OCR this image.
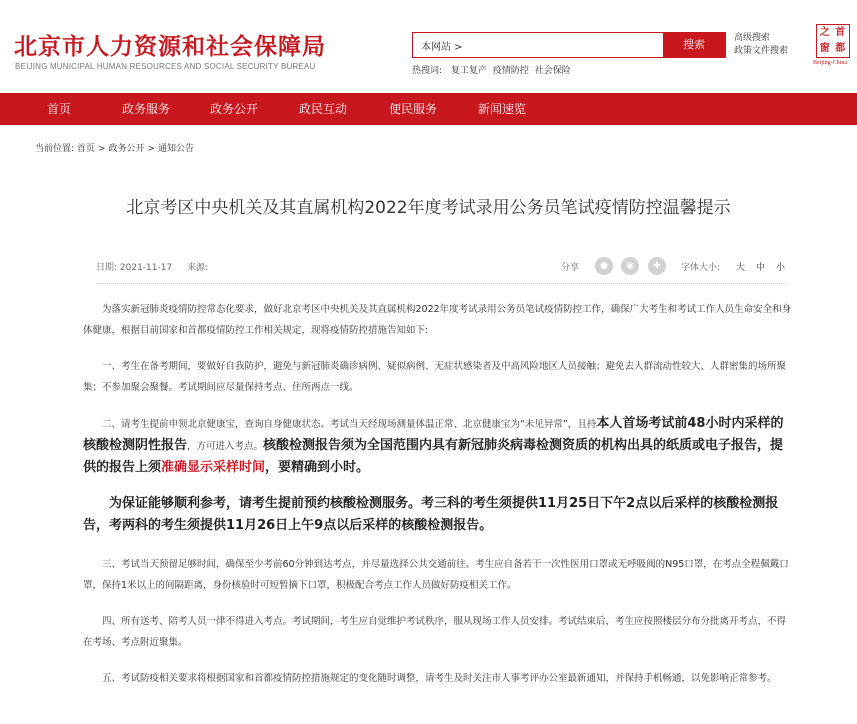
北京市人力资源和社会保障局
BEIJING MUNICIPAL HUMAN RESOURCES AND SOCIAL SECURITY BUREAU
本网站 >
搜索	高级搜索
政策文件搜索
热搜词: 复工复产 疫情防控 社会保险
之 首
窗 都
Beijing-China
首页	政务服务	政务公开	政民互动	便民服务	新闻速览
当前位置: 首页 > 政务公开 > 通知公告
北京考区中央机关及其直属机构2022年度考试录用公务员笔试疫情防控温馨提示
日期: 2021-11-17 来源:	分享	●	◉	✚	字体大小: 大 中 小
为落实新冠肺炎疫情防控常态化要求，做好北京考区中央机关及其直属机构2022年度考试录用公务员笔试疫情防控工作，确保广大考生和考试工作人员生命安全和身体健康，根据目前国家和首都疫情防控工作相关规定，现将疫情防控措施告知如下:
一、考生在备考期间，要做好自我防护，避免与新冠肺炎确诊病例、疑似病例、无症状感染者及中高风险地区人员接触；避免去人群流动性较大、人群密集的场所聚集；不参加聚会聚餐。考试期间应尽量保持考点、住所两点一线。
二、请考生提前申领北京健康宝，查询自身健康状态。考试当天经现场测量体温正常、北京健康宝为“未见异常”，且持本人首场考试前48小时内采样的核酸检测阴性报告，方可进入考点。核酸检测报告须为全国范围内具有新冠肺炎病毒检测资质的机构出具的纸质或电子报告，提供的报告上须准确显示采样时间，要精确到小时。
为保证能够顺利参考，请考生提前预约核酸检测服务。考三科的考生须提供11月25日下午2点以后采样的核酸检测报告，考两科的考生须提供11月26日上午9点以后采样的核酸检测报告。
三、考试当天预留足够时间，确保至少考前60分钟到达考点，并尽量选择公共交通前往。考生应自备若干一次性医用口罩或无呼吸阀的N95口罩，在考点全程佩戴口罩，保持1米以上的间隔距离，身份核验时可短暂摘下口罩，积极配合考点工作人员做好防疫相关工作。
四、所有送考、陪考人员一律不得进入考点。考试期间，考生应自觉维护考试秩序，服从现场工作人员安排。考试结束后，考生应按照楼层分布分批离开考点，不得在考场、考点附近聚集。
五、考试防疫相关要求将根据国家和首都疫情防控措施规定的变化随时调整，请考生及时关注市人事考评办公室最新通知，并保持手机畅通，以免影响正常参考。
